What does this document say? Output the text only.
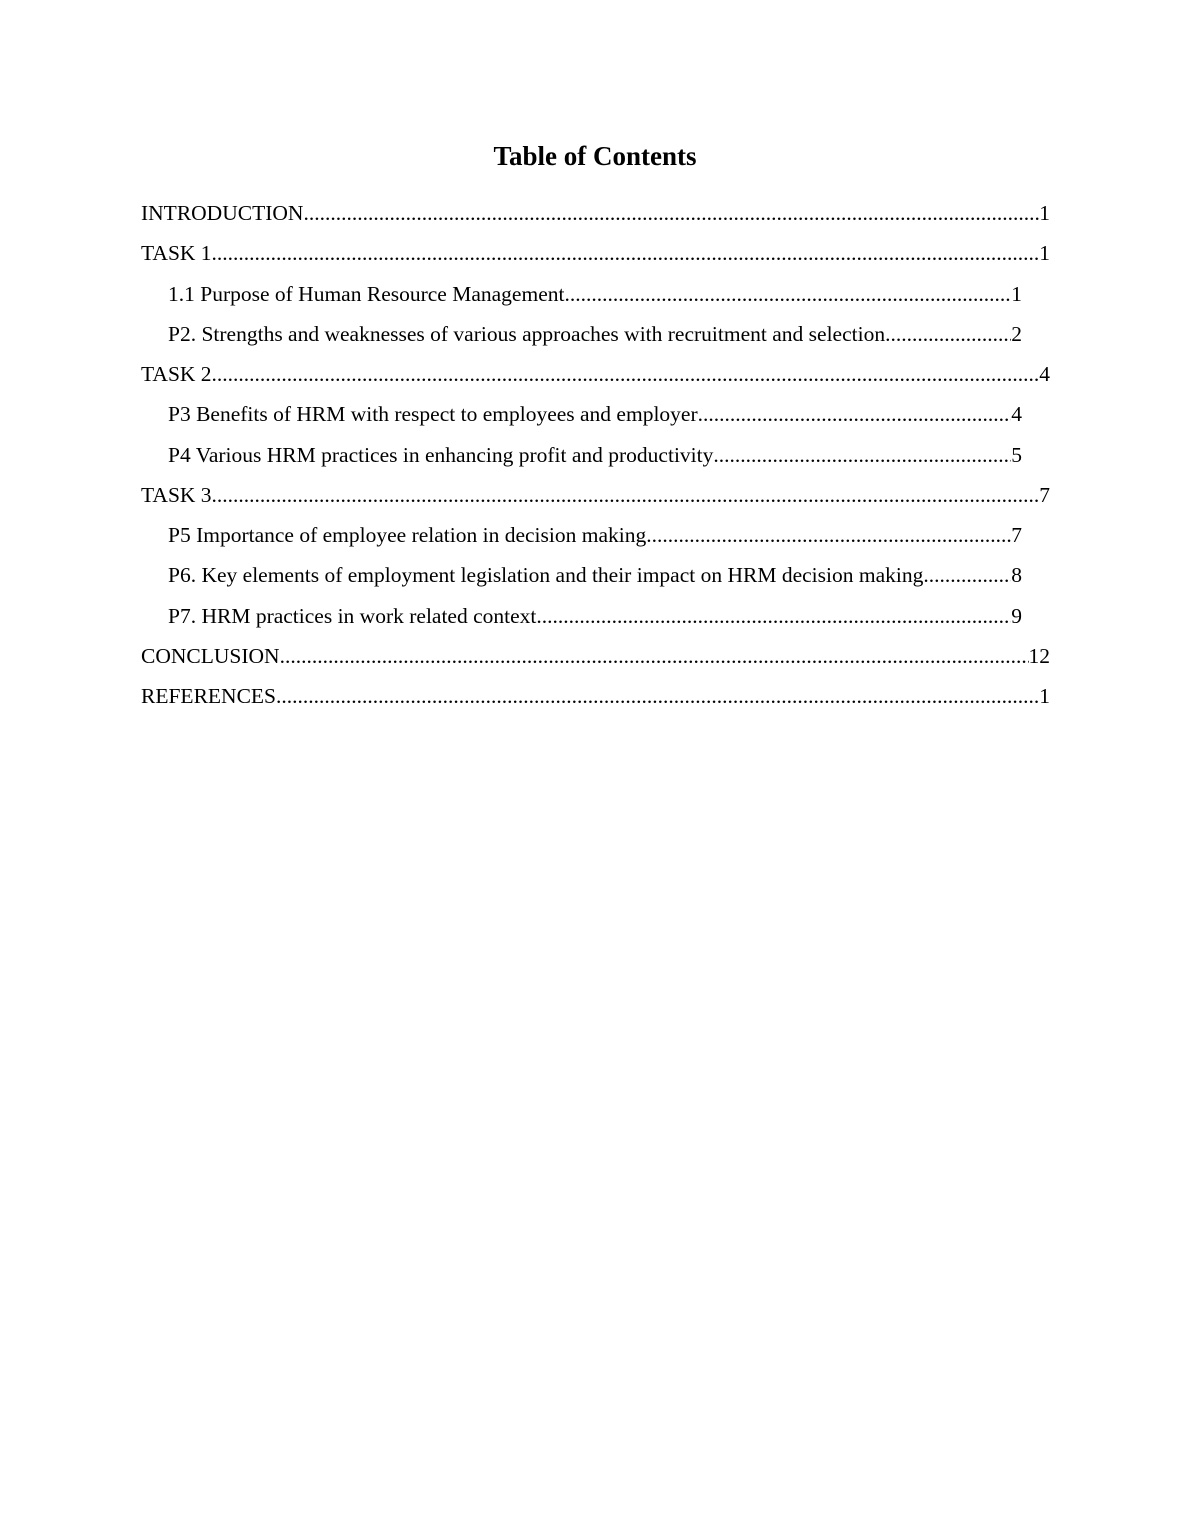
Table of Contents
INTRODUCTION .....	1
TASK 1 .....	1
1.1 Purpose of Human Resource Management .....	1
P2. Strengths and weaknesses of various approaches with recruitment and selection .....	2
TASK 2 .....	4
P3 Benefits of HRM with respect to employees and employer .....	4
P4 Various HRM practices in enhancing profit and productivity .....	5
TASK 3 .....	7
P5 Importance of employee relation in decision making .....	7
P6. Key elements of employment legislation and their impact on HRM decision making .....	8
P7. HRM practices in work related context .....	9
CONCLUSION .....	12
REFERENCES .....	1
